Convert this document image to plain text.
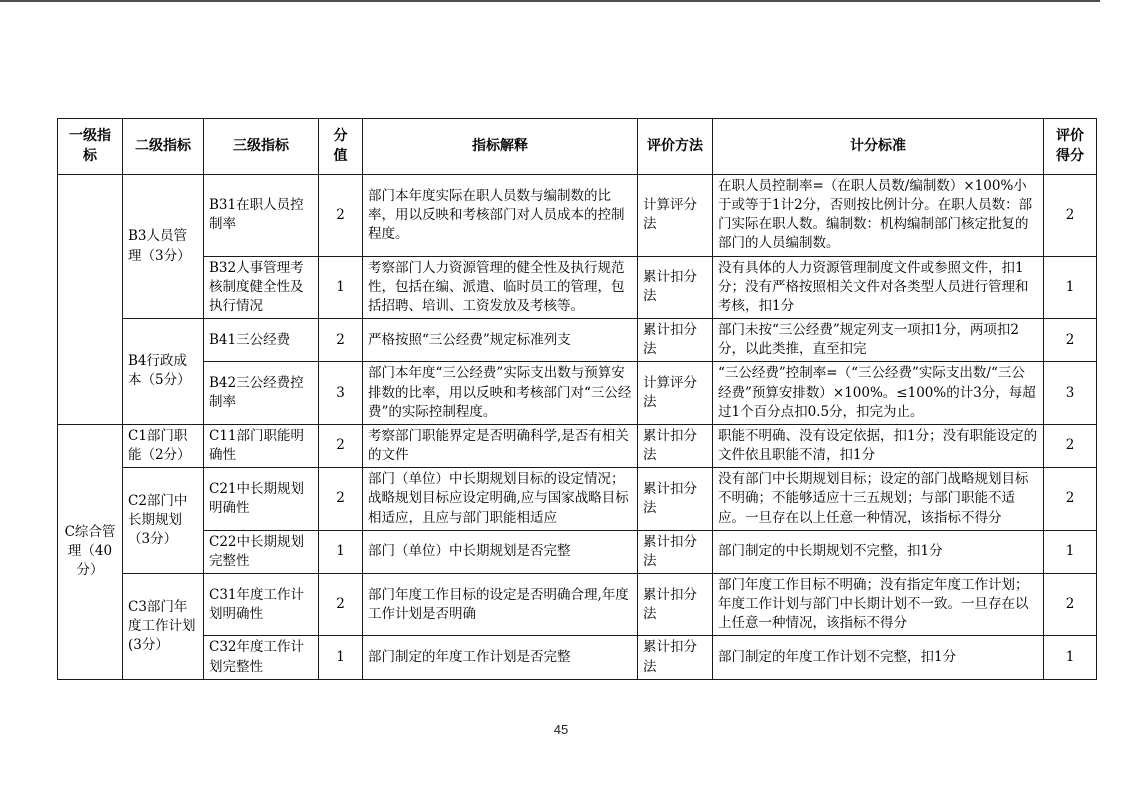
一级指标	二级指标	三级指标	分值	指标解释	评价方法	计分标准	评价得分
	B3人员管理（3分）	B31在职人员控制率	2	部门本年度实际在职人员数与编制数的比率，用以反映和考核部门对人员成本的控制程度。	计算评分法	在职人员控制率=（在职人员数/编制数）×100%小于或等于1计2分，否则按比例计分。在职人员数：部门实际在职人数。编制数：机构编制部门核定批复的部门的人员编制数。	2
		B32人事管理考核制度健全性及执行情况	1	考察部门人力资源管理的健全性及执行规范性，包括在编、派遣、临时员工的管理，包括招聘、培训、工资发放及考核等。	累计扣分法	没有具体的人力资源管理制度文件或参照文件，扣1分；没有严格按照相关文件对各类型人员进行管理和考核，扣1分	1
	B4行政成本（5分）	B41三公经费	2	严格按照“三公经费”规定标准列支	累计扣分法	部门未按“三公经费”规定列支一项扣1分，两项扣2分，以此类推，直至扣完	2
		B42三公经费控制率	3	部门本年度“三公经费”实际支出数与预算安排数的比率，用以反映和考核部门对“三公经费”的实际控制程度。	计算评分法	“三公经费”控制率=（“三公经费”实际支出数/“三公经费”预算安排数）×100%。≤100%的计3分，每超过1个百分点扣0.5分，扣完为止。	3
C综合管理（40分）	C1部门职能（2分）	C11部门职能明确性	2	考察部门职能界定是否明确科学,是否有相关的文件	累计扣分法	职能不明确、没有设定依据，扣1分；没有职能设定的文件依且职能不清，扣1分	2
	C2部门中长期规划（3分）	C21中长期规划明确性	2	部门（单位）中长期规划目标的设定情况；战略规划目标应设定明确,应与国家战略目标相适应，且应与部门职能相适应	累计扣分法	没有部门中长期规划目标；设定的部门战略规划目标不明确；不能够适应十三五规划；与部门职能不适应。一旦存在以上任意一种情况，该指标不得分	2
		C22中长期规划完整性	1	部门（单位）中长期规划是否完整	累计扣分法	部门制定的中长期规划不完整，扣1分	1
	C3部门年度工作计划(3分）	C31年度工作计划明确性	2	部门年度工作目标的设定是否明确合理,年度工作计划是否明确	累计扣分法	部门年度工作目标不明确；没有指定年度工作计划；年度工作计划与部门中长期计划不一致。一旦存在以上任意一种情况，该指标不得分	2
		C32年度工作计划完整性	1	部门制定的年度工作计划是否完整	累计扣分法	部门制定的年度工作计划不完整，扣1分	1
45
